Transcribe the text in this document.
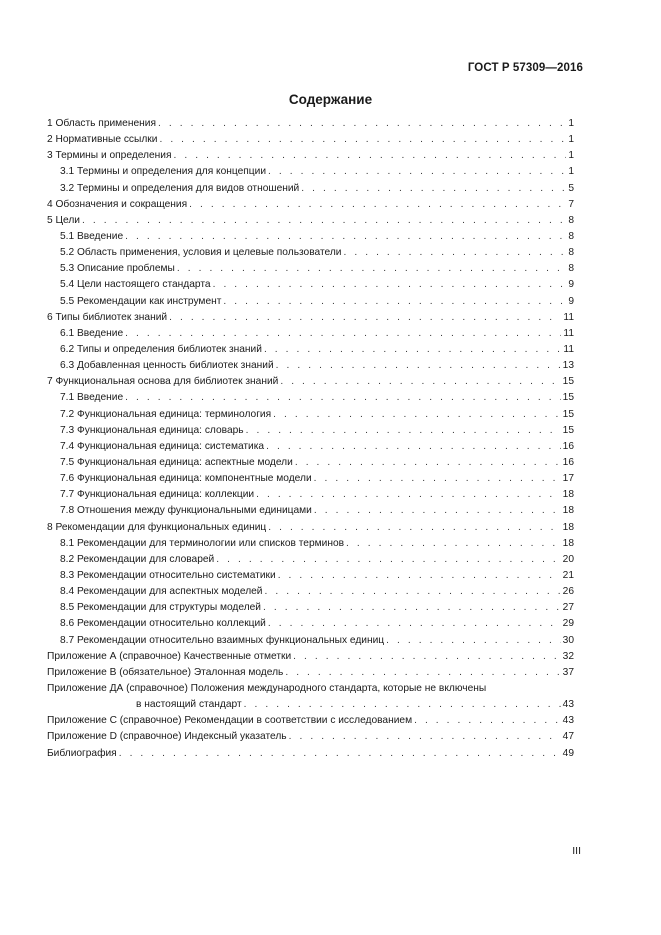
ГОСТ Р 57309—2016
Содержание
1 Область применения . . .	1
2 Нормативные ссылки . . .	1
3 Термины и определения . . .	1
3.1 Термины и определения для концепции . . .	1
3.2 Термины и определения для видов отношений . . .	5
4 Обозначения и сокращения . . .	7
5 Цели . . .	8
5.1 Введение . . .	8
5.2 Область применения, условия и целевые пользователи . . .	8
5.3 Описание проблемы . . .	8
5.4 Цели настоящего стандарта . . .	9
5.5 Рекомендации как инструмент . . .	9
6 Типы библиотек знаний . . .	11
6.1 Введение . . .	11
6.2 Типы и определения библиотек знаний . . .	11
6.3 Добавленная ценность библиотек знаний . . .	13
7 Функциональная основа для библиотек знаний . . .	15
7.1 Введение . . .	15
7.2 Функциональная единица: терминология . . .	15
7.3 Функциональная единица: словарь . . .	15
7.4 Функциональная единица: систематика . . .	16
7.5 Функциональная единица: аспектные модели . . .	16
7.6 Функциональная единица: компонентные модели . . .	17
7.7 Функциональная единица: коллекции . . .	18
7.8 Отношения между функциональными единицами . . .	18
8 Рекомендации для функциональных единиц . . .	18
8.1 Рекомендации для терминологии или списков терминов . . .	18
8.2 Рекомендации для словарей . . .	20
8.3 Рекомендации относительно систематики . . .	21
8.4 Рекомендации для аспектных моделей . . .	26
8.5 Рекомендации для структуры моделей . . .	27
8.6 Рекомендации относительно коллекций . . .	29
8.7 Рекомендации относительно взаимных функциональных единиц . . .	30
Приложение А (справочное) Качественные отметки . . .	32
Приложение В (обязательное) Эталонная модель . . .	37
Приложение ДА (справочное) Положения международного стандарта, которые не включены
в настоящий стандарт . . .	43
Приложение С (справочное) Рекомендации в соответствии с исследованием . . .	43
Приложение D (справочное) Индексный указатель . . .	47
Библиография . . .	49
III
